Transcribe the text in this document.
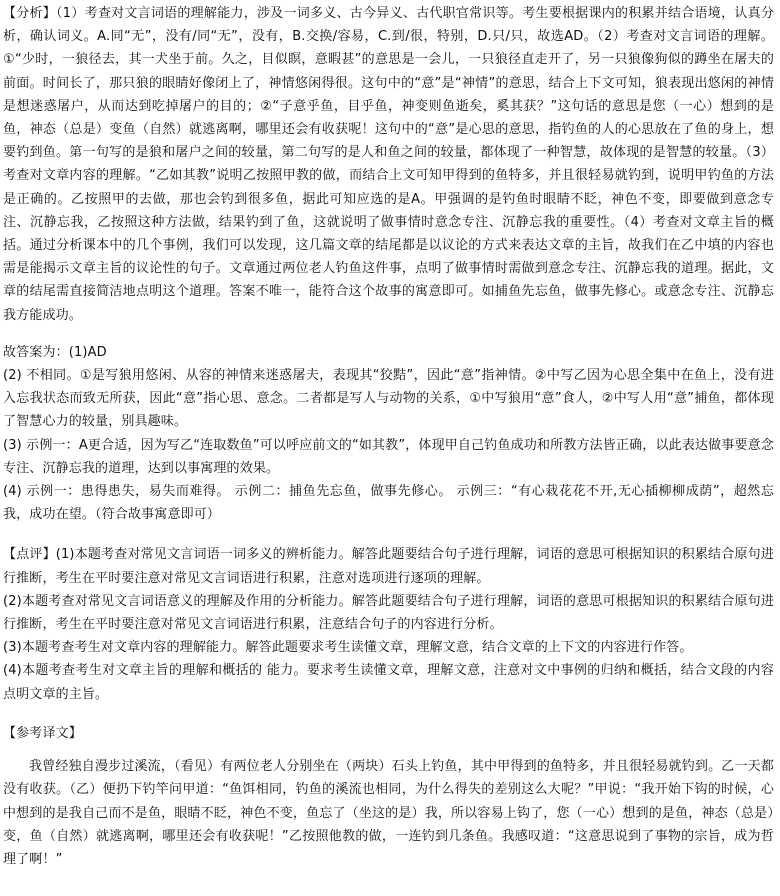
【分析】（1）考查对文言词语的理解能力，涉及一词多义、古今异义、古代职官常识等。考生要根据课内的积累并结合语境，认真分析，确认词义。A.同“无”，没有/同“无”，没有，B.交换/容易，C.到/很，特别，D.只/只，故选AD。（2）考查对文言词语的理解。①“少时，一狼径去，其一犬坐于前。久之，目似瞑，意暇甚”的意思是一会儿，一只狼径直走开了，另一只狼像狗似的蹲坐在屠夫的前面。时间长了，那只狼的眼睛好像闭上了，神情悠闲得很。这句中的“意”是“神情”的意思，结合上下文可知，狼表现出悠闲的神情是想迷惑屠户，从而达到吃掉屠户的目的；②“子意乎鱼，目乎鱼，神变则鱼逝矣，奚其获？”这句话的意思是您（一心）想到的是鱼，神态（总是）变鱼（自然）就逃离啊，哪里还会有收获呢！这句中的“意”是心思的意思，指钓鱼的人的心思放在了鱼的身上，想要钓到鱼。第一句写的是狼和屠户之间的较量，第二句写的是人和鱼之间的较量，都体现了一种智慧，故体现的是智慧的较量。（3）考查对文章内容的理解。“乙如其教”说明乙按照甲教的做，而结合上文可知甲得到的鱼特多，并且很轻易就钓到，说明甲钓鱼的方法是正确的。乙按照甲的去做，那也会钓到很多鱼，据此可知应选的是A。甲强调的是钓鱼时眼睛不眨，神色不变，即要做到意念专注、沉静忘我，乙按照这种方法做，结果钓到了鱼，这就说明了做事情时意念专注、沉静忘我的重要性。（4）考查对文章主旨的概括。通过分析课本中的几个事例，我们可以发现，这几篇文章的结尾都是以议论的方式来表达文章的主旨，故我们在乙中填的内容也需是能揭示文章主旨的议论性的句子。文章通过两位老人钓鱼这件事，点明了做事情时需做到意念专注、沉静忘我的道理。据此，文章的结尾需直接简洁地点明这个道理。答案不唯一，能符合这个故事的寓意即可。如捕鱼先忘鱼，做事先修心。或意念专注、沉静忘我方能成功。

故答案为：(1)AD

(2) 不相同。①是写狼用悠闲、从容的神情来迷惑屠夫，表现其“狡黠”，因此“意”指神情。②中写乙因为心思全集中在鱼上，没有进入忘我状态而致无所获，因此“意”指心思、意念。二者都是写人与动物的关系，①中写狼用“意”食人，②中写人用“意”捕鱼，都体现了智慧心力的较量，别具趣味。

(3) 示例一：A更合适，因为写乙“连取数鱼”可以呼应前文的“如其教”，体现甲自己钓鱼成功和所教方法皆正确，以此表达做事要意念专注、沉静忘我的道理，达到以事寓理的效果。

(4) 示例一：患得患失，易失而难得。 示例二：捕鱼先忘鱼，做事先修心。 示例三：“有心栽花花不开,无心插柳柳成荫”，超然忘我，成功在望。（符合故事寓意即可）

【点评】(1)本题考查对常见文言词语一词多义的辨析能力。解答此题要结合句子进行理解，词语的意思可根据知识的积累结合原句进行推断，考生在平时要注意对常见文言词语进行积累，注意对选项进行逐项的理解。

(2)本题考查对常见文言词语意义的理解及作用的分析能力。解答此题要结合句子进行理解，词语的意思可根据知识的积累结合原句进行推断，考生在平时要注意对常见文言词语进行积累，注意结合句子的内容进行分析。

(3)本题考查考生对文章内容的理解能力。解答此题要求考生读懂文章，理解文意，结合文章的上下文的内容进行作答。

(4)本题考查考生对文章主旨的理解和概括的 能力。要求考生读懂文章，理解文意，注意对文中事例的归纳和概括，结合文段的内容点明文章的主旨。

【参考译文】

我曾经独自漫步过溪流，（看见）有两位老人分别坐在（两块）石头上钓鱼，其中甲得到的鱼特多，并且很轻易就钓到。乙一天都没有收获。（乙）便扔下钓竿问甲道：“鱼饵相同，钓鱼的溪流也相同，为什么得失的差别这么大呢？”甲说：“我开始下钩的时候，心中想到的是我自己而不是鱼，眼睛不眨，神色不变，鱼忘了（坐这的是）我，所以容易上钩了，您（一心）想到的是鱼，神态（总是）变，鱼（自然）就逃离啊，哪里还会有收获呢！”乙按照他教的做，一连钓到几条鱼。我感叹道：“这意思说到了事物的宗旨，成为哲理了啊！”
